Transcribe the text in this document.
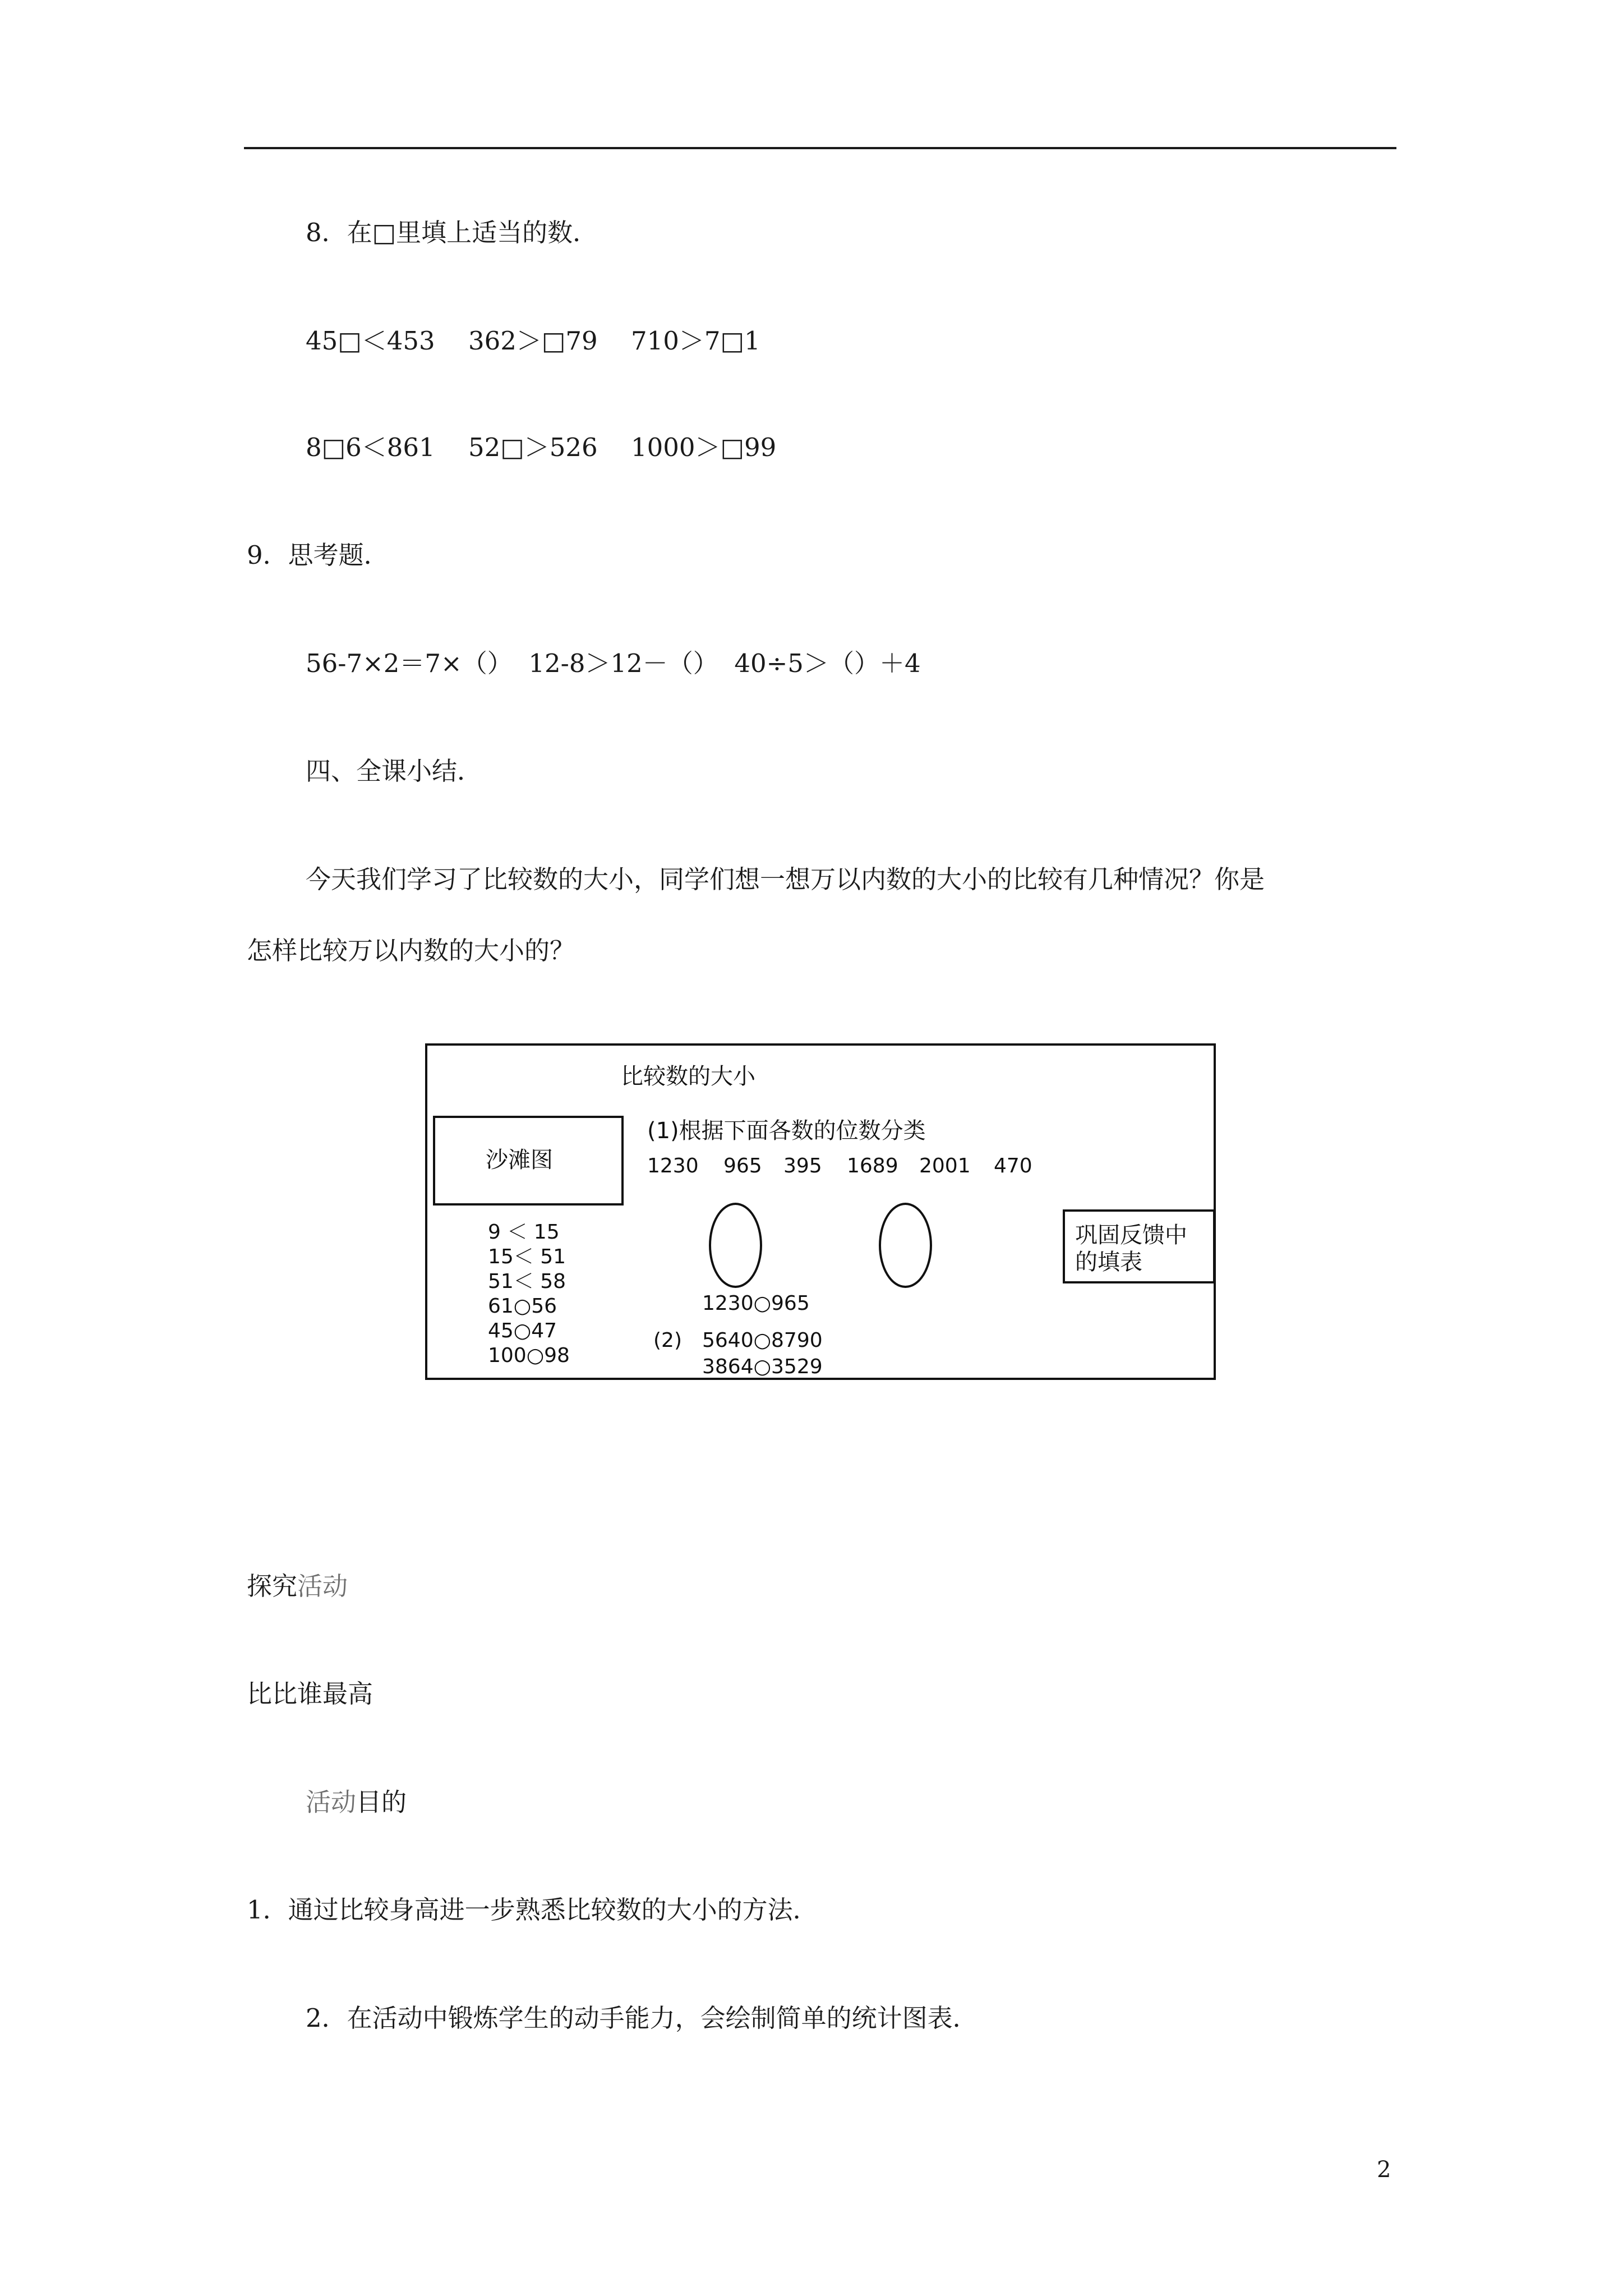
8．在□里填上适当的数．
45□＜453　 362＞□79　 710＞7□1
8□6＜861　 52□＞526　 1000＞□99
9．思考题．
56-7×2＝7×（）  12-8＞12－（）  40÷5＞（）＋4
四、全课小结．
今天我们学习了比较数的大小，同学们想一想万以内数的大小的比较有几种情况？你是
怎样比较万以内数的大小的？
比较数的大小
沙滩图
9 ＜ 15
15＜ 51
51＜ 58
61○56
45○47
100○98
(1)根据下面各数的位数分类
1230 965 395 1689 2001 470
1230○965
(2) 5640○8790
3864○3529
巩固反馈中
的填表
探究活动
比比谁最高
活动目的
1．通过比较身高进一步熟悉比较数的大小的方法．
2．在活动中锻炼学生的动手能力，会绘制简单的统计图表．
2
